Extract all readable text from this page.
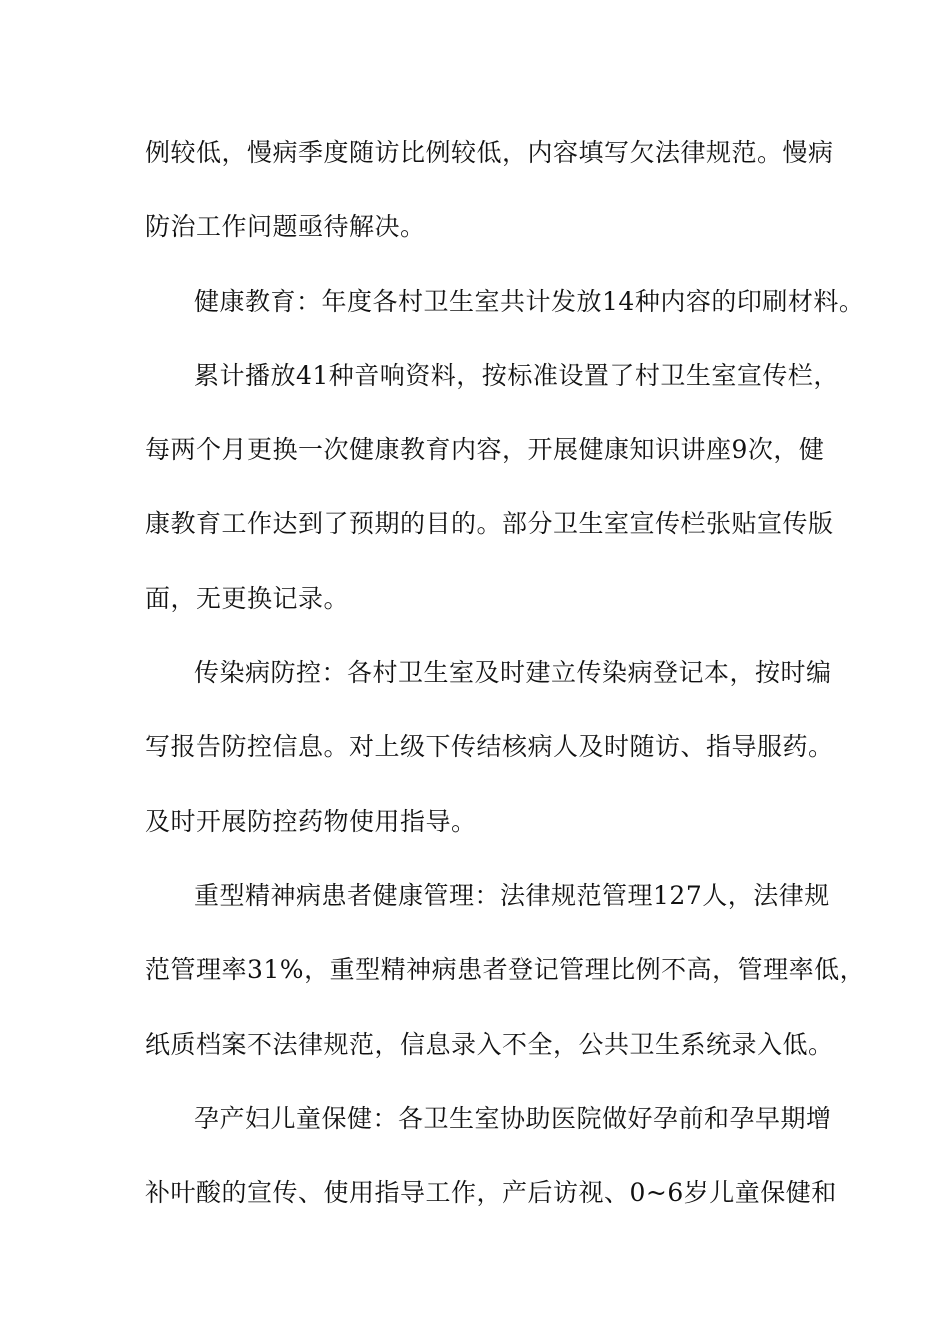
例较低，慢病季度随访比例较低，内容填写欠法律规范。慢病
防治工作问题亟待解决。
健康教育：年度各村卫生室共计发放14种内容的印刷材料。
累计播放41种音响资料，按标准设置了村卫生室宣传栏，
每两个月更换一次健康教育内容，开展健康知识讲座9次，健
康教育工作达到了预期的目的。部分卫生室宣传栏张贴宣传版
面，无更换记录。
传染病防控：各村卫生室及时建立传染病登记本，按时编
写报告防控信息。对上级下传结核病人及时随访、指导服药。
及时开展防控药物使用指导。
重型精神病患者健康管理：法律规范管理127人，法律规
范管理率31%，重型精神病患者登记管理比例不高，管理率低，
纸质档案不法律规范，信息录入不全，公共卫生系统录入低。
孕产妇儿童保健：各卫生室协助医院做好孕前和孕早期增
补叶酸的宣传、使用指导工作，产后访视、0~6岁儿童保健和
